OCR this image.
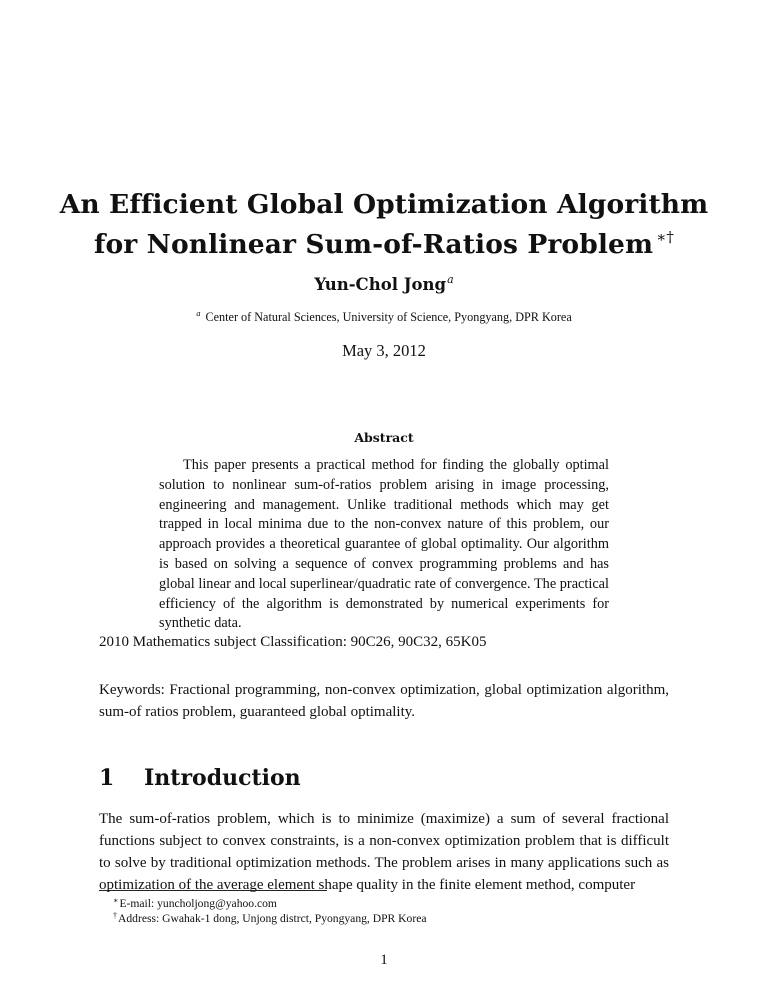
An Efficient Global Optimization Algorithm
for Nonlinear Sum-of-Ratios Problem ∗†
Yun-Chol Jong$^a$
$^a$ Center of Natural Sciences, University of Science, Pyongyang, DPR Korea
May 3, 2012
Abstract

This paper presents a practical method for finding the globally optimal solution to nonlinear sum-of-ratios problem arising in image processing, engineering and management. Unlike traditional methods which may get trapped in local minima due to the non-convex nature of this problem, our approach provides a theoretical guarantee of global optimality. Our algorithm is based on solving a sequence of convex programming problems and has global linear and local superlinear/quadratic rate of convergence. The practical efficiency of the algorithm is demonstrated by numerical experiments for synthetic data.

2010 Mathematics subject Classification: 90C26, 90C32, 65K05

Keywords: Fractional programming, non-convex optimization, global optimization algorithm, sum-of ratios problem, guaranteed global optimality.

1 Introduction

The sum-of-ratios problem, which is to minimize (maximize) a sum of several fractional functions subject to convex constraints, is a non-convex optimization problem that is difficult to solve by traditional optimization methods. The problem arises in many applications such as optimization of the average element shape quality in the finite element method, computer

∗E-mail: yuncholjong@yahoo.com
†Address: Gwahak-1 dong, Unjong distrct, Pyongyang, DPR Korea
1
